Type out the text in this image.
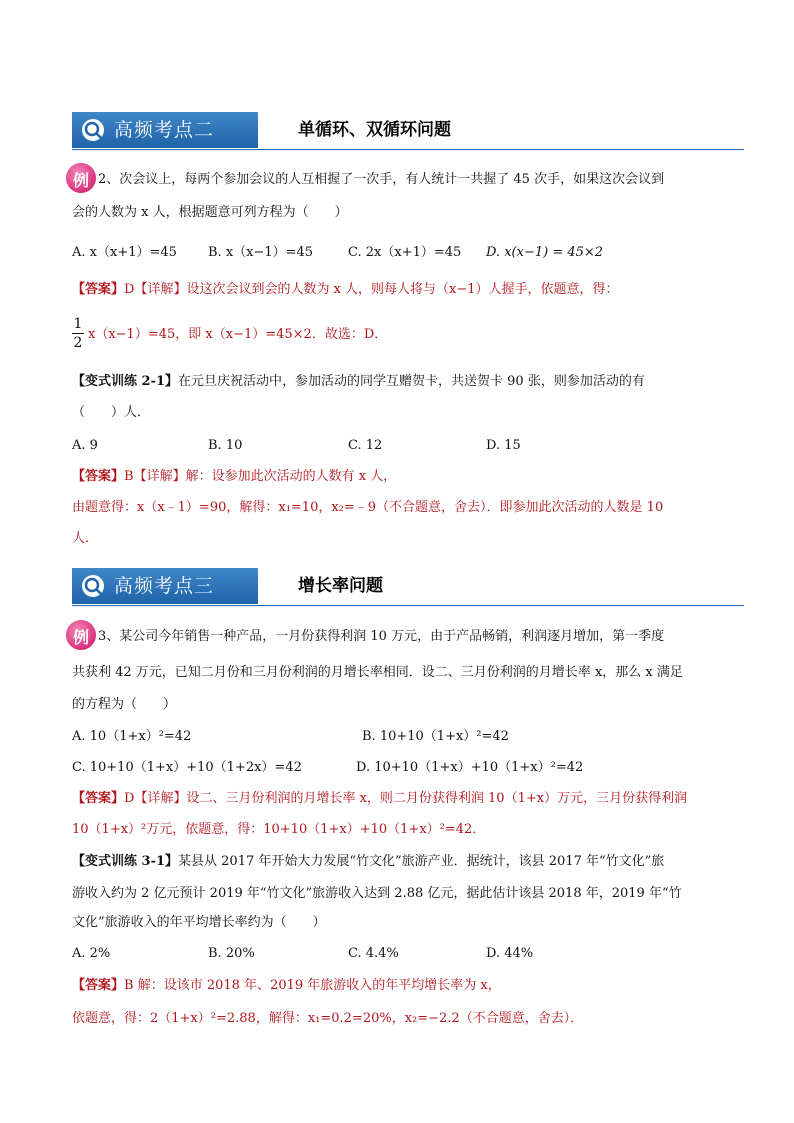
高频考点二	单循环、双循环问题
例 2、次会议上，每两个参加会议的人互相握了一次手，有人统计一共握了 45 次手，如果这次会议到
会的人数为 x 人，根据题意可列方程为（　　）
A. x（x+1）=45 B. x（x−1）=45	C. 2x（x+1）=45 D. x(x−1) = 45×2
【答案】D【详解】设这次会议到会的人数为 x 人，则每人将与（x−1）人握手，依题意，得：
1
2
x（x−1）=45，即 x（x−1）=45×2．故选：D．
【变式训练 2-1】在元旦庆祝活动中，参加活动的同学互赠贺卡，共送贺卡 90 张，则参加活动的有
（　　）人．
A. 9	B. 10	C. 12	D. 15
【答案】B【详解】解：设参加此次活动的人数有 x 人，
由题意得：x（x﹣1）=90，解得：x₁=10，x₂=﹣9（不合题意，舍去）．即参加此次活动的人数是 10
人．
高频考点三	增长率问题
例 3、某公司今年销售一种产品，一月份获得利润 10 万元，由于产品畅销，利润逐月增加，第一季度
共获利 42 万元，已知二月份和三月份利润的月增长率相同．设二、三月份利润的月增长率 x，那么 x 满足
的方程为（　　）
A. 10（1+x）²=42	B. 10+10（1+x）²=42
C. 10+10（1+x）+10（1+2x）=42	D. 10+10（1+x）+10（1+x）²=42
【答案】D【详解】设二、三月份利润的月增长率 x，则二月份获得利润 10（1+x）万元，三月份获得利润
10（1+x）²万元，依题意，得：10+10（1+x）+10（1+x）²=42．
【变式训练 3-1】某县从 2017 年开始大力发展“竹文化”旅游产业．据统计，该县 2017 年“竹文化”旅
游收入约为 2 亿元预计 2019 年“竹文化”旅游收入达到 2.88 亿元，据此估计该县 2018 年，2019 年“竹
文化”旅游收入的年平均增长率约为（　　）
A. 2%	B. 20%	C. 4.4%	D. 44%
【答案】B 解：设该市 2018 年、2019 年旅游收入的年平均增长率为 x，
依题意，得：2（1+x）²=2.88，解得：x₁=0.2=20%，x₂=−2.2（不合题意，舍去）．
